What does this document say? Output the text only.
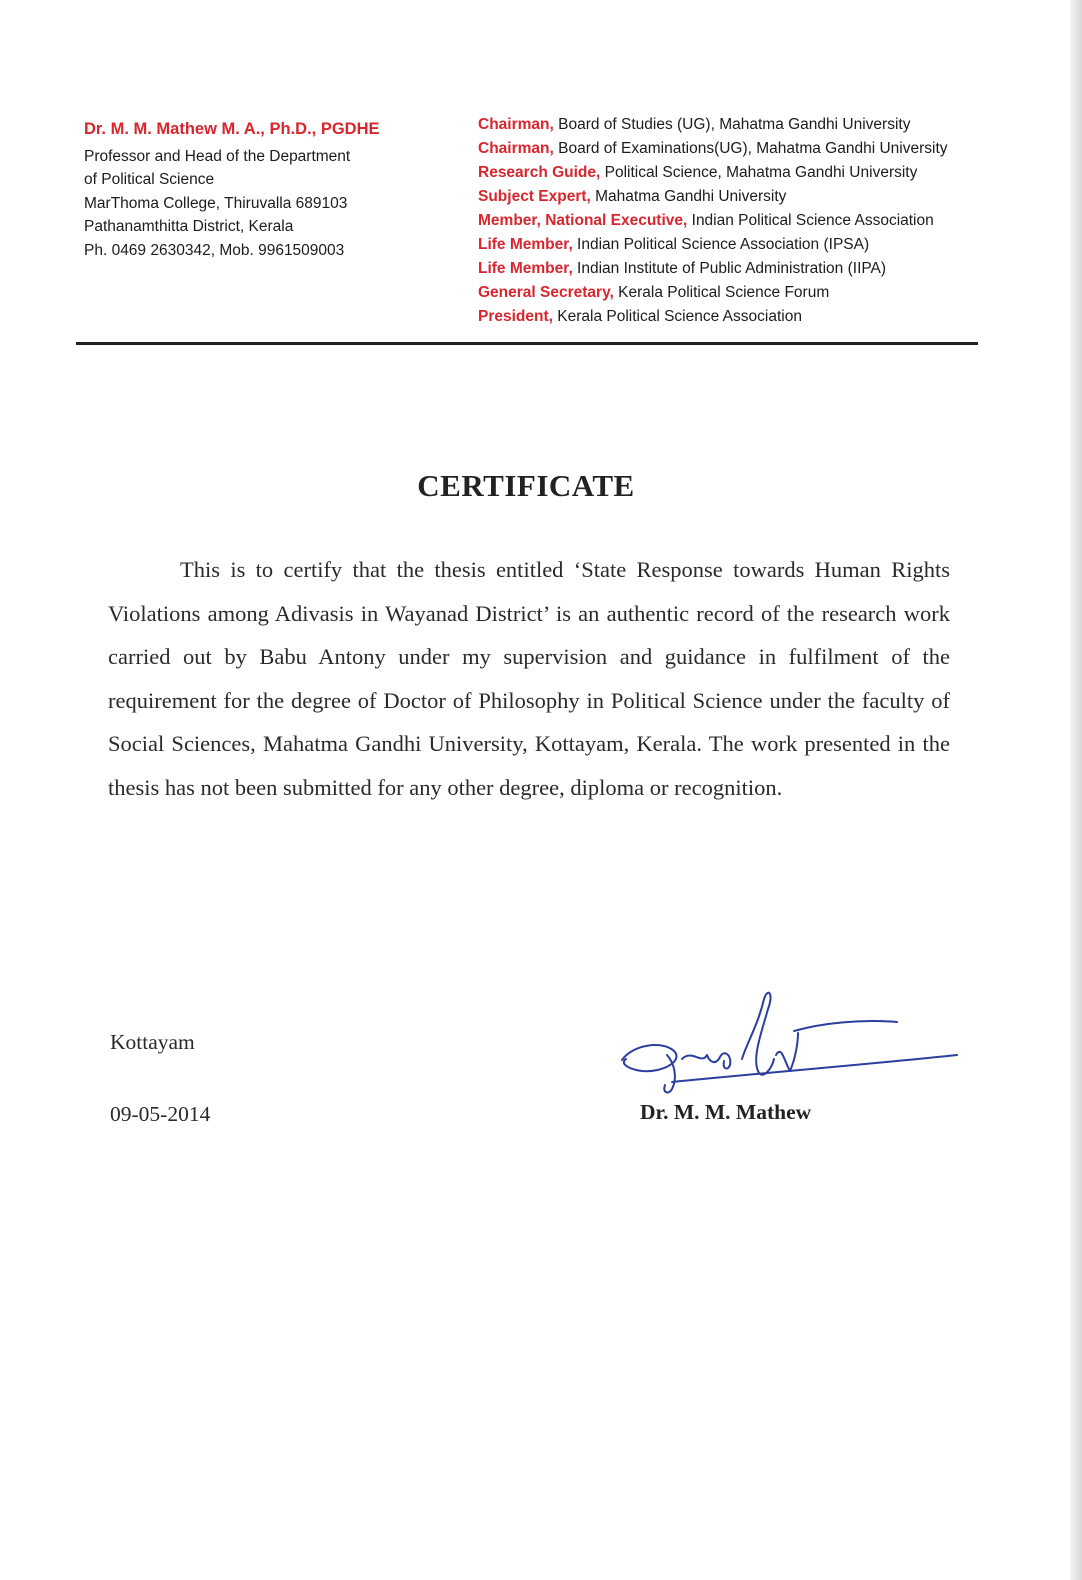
Dr. M. M. Mathew M. A., Ph.D., PGDHE
Professor and Head of the Department
of Political Science
MarThoma College, Thiruvalla 689103
Pathanamthitta District, Kerala
Ph. 0469 2630342, Mob. 9961509003
Chairman, Board of Studies (UG), Mahatma Gandhi University
Chairman, Board of Examinations(UG), Mahatma Gandhi University
Research Guide, Political Science, Mahatma Gandhi University
Subject Expert, Mahatma Gandhi University
Member, National Executive, Indian Political Science Association
Life Member, Indian Political Science Association (IPSA)
Life Member, Indian Institute of Public Administration (IIPA)
General Secretary, Kerala Political Science Forum
President, Kerala Political Science Association
CERTIFICATE
This is to certify that the thesis entitled ‘State Response towards Human Rights Violations among Adivasis in Wayanad District’ is an authentic record of the research work carried out by Babu Antony under my supervision and guidance in fulfilment of the requirement for the degree of Doctor of Philosophy in Political Science under the faculty of Social Sciences, Mahatma Gandhi University, Kottayam, Kerala. The work presented in the thesis has not been submitted for any other degree, diploma or recognition.
Kottayam
09-05-2014	Dr. M. M. Mathew
